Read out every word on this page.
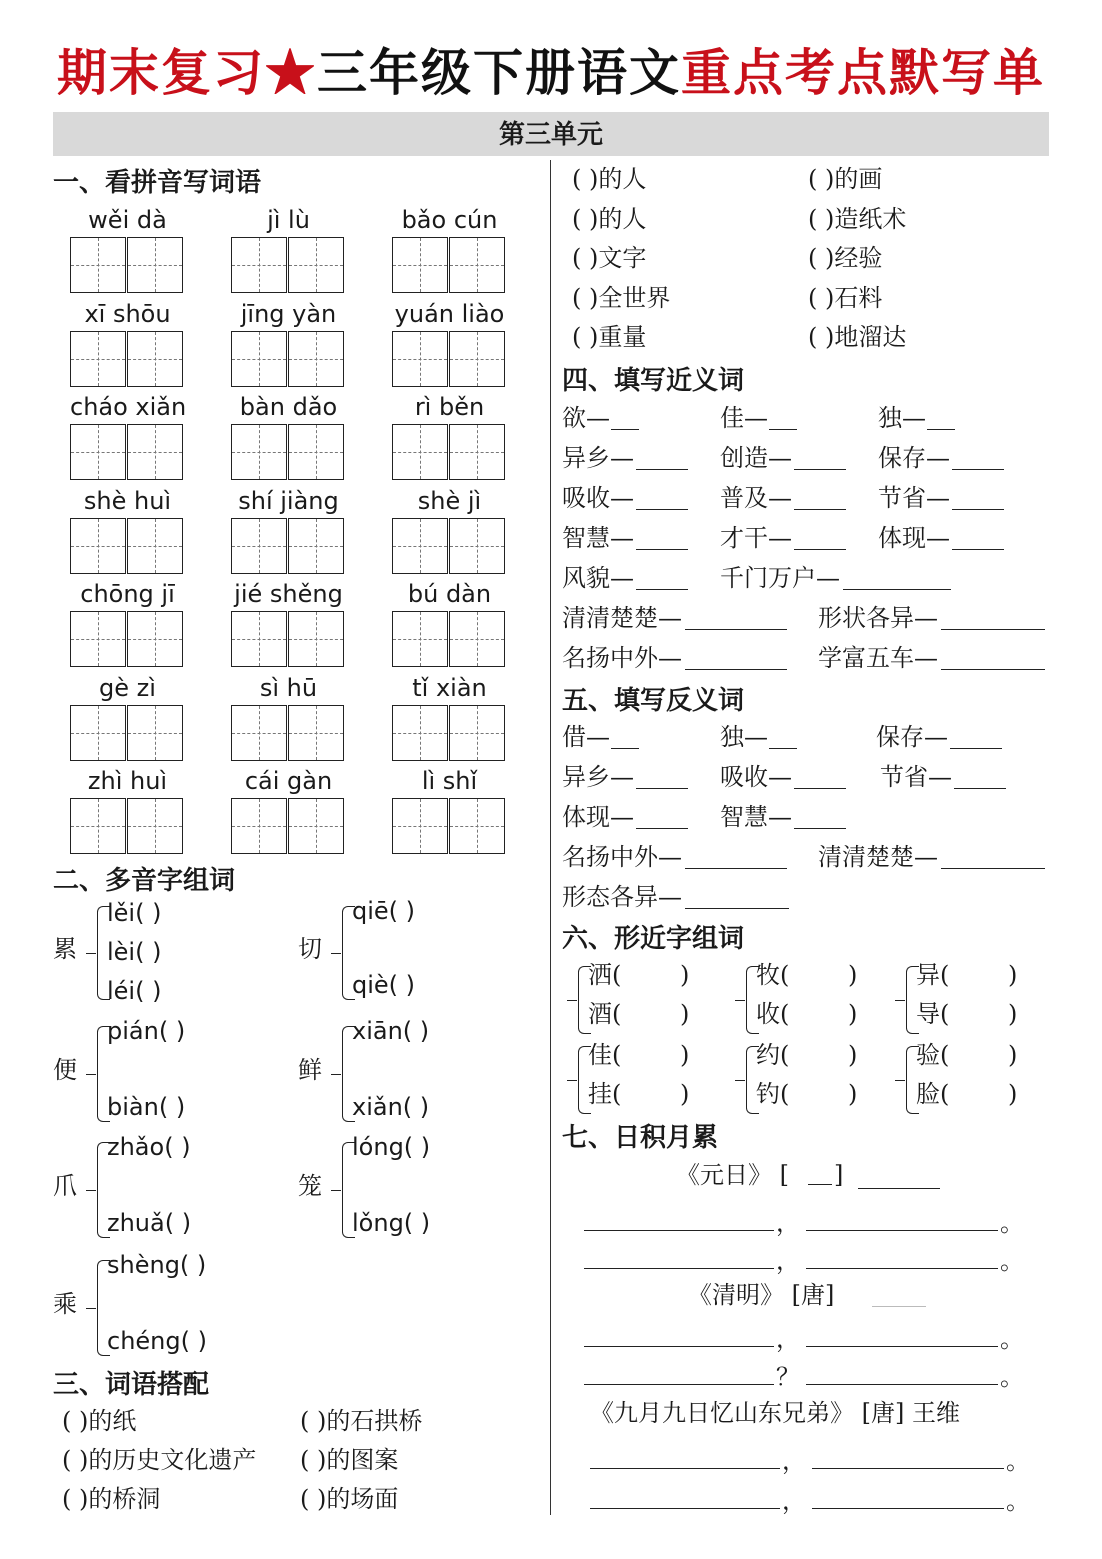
期末复习★三年级下册语文重点考点默写单
第三单元
一、看拼音写词语
wěi dà	jì lù	bǎo cún
xī shōu	jīng yàn	yuán liào
cháo xiǎn	bàn dǎo	rì běn
shè huì	shí jiàng	shè jì
chōng jī	jié shěng	bú dàn
gè zì	sì hū	tǐ xiàn
zhì huì	cái gàn	lì shǐ
二、多音字组词
累
lěi( )
lèi( )
léi( )
切
qiē( )
qiè( )
便
pián( )
biàn( )
鲜
xiān( )
xiǎn( )
爪
zhǎo( )
zhuǎ( )
笼
lóng( )
lǒng( )
乘
shèng( )
chéng( )
三、词语搭配
( )的纸	( )的石拱桥
( )的历史文化遗产 ( )的图案
( )的桥洞	( )的场面
( )的人	( )的画
( )的人	( )造纸术
( )文字	( )经验
( )全世界	( )石料
( )重量	( )地溜达
四、填写近义词
欲—	佳—	独—
异乡—	创造—	保存—
吸收—	普及—	节省—
智慧—	才干—	体现—
风貌—	千门万户—
清清楚楚—	形状各异—
名扬中外—	学富五车—
五、填写反义词
借—	独—	保存—
异乡—	吸收—	节省—
体现—	智慧—
名扬中外—	清清楚楚—
形态各异—
六、形近字组词
洒( )
酒( )
牧( )
收( )
异( )
导( )
佳( )
挂( )
约( )
钓( )
验( )
脸( )
七、日积月累
《元日》 [ ]
，	。
，	。
《清明》 [唐]
，	。
？	。
《九月九日忆山东兄弟》 [唐] 王维
，	。
，	。
